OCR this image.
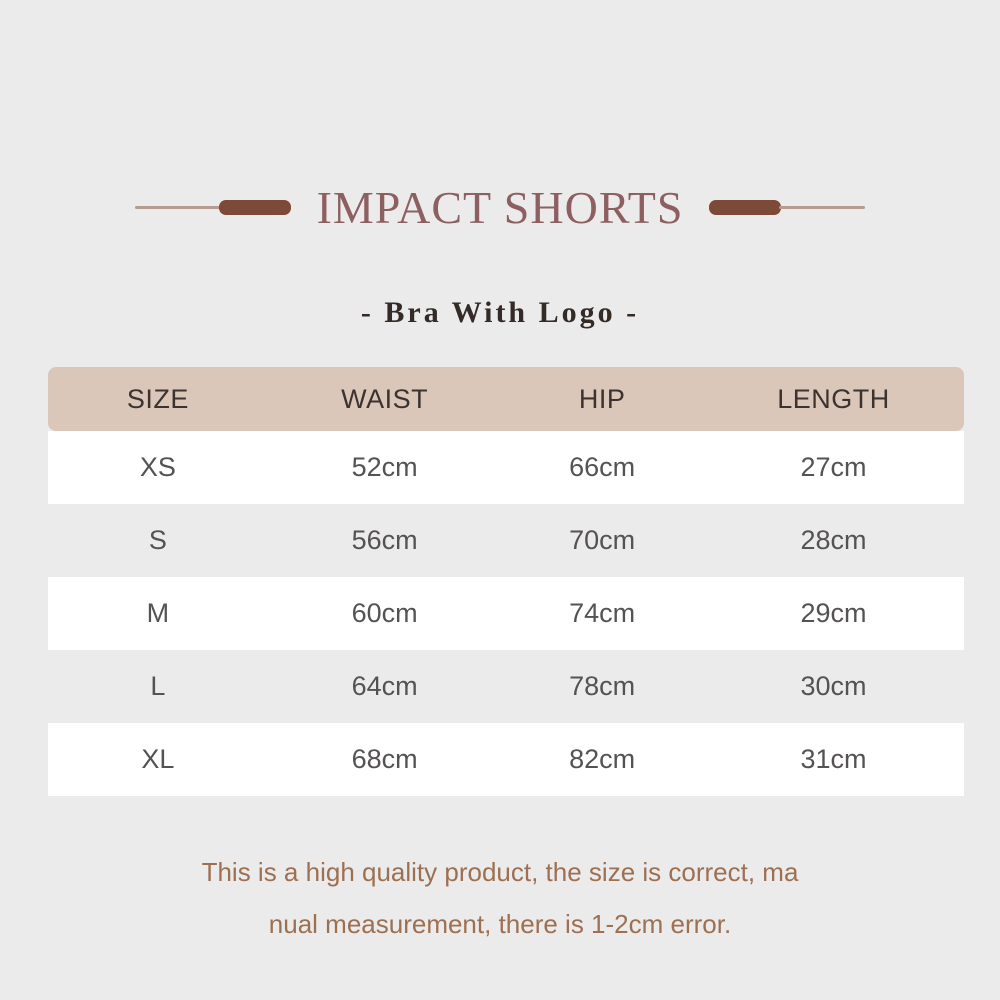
IMPACT SHORTS
- Bra With Logo -
SIZE	WAIST	HIP	LENGTH
XS	52cm	66cm	27cm
S	56cm	70cm	28cm
M	60cm	74cm	29cm
L	64cm	78cm	30cm
XL	68cm	82cm	31cm
This is a high quality product, the size is correct, ma
nual measurement, there is 1-2cm error.
